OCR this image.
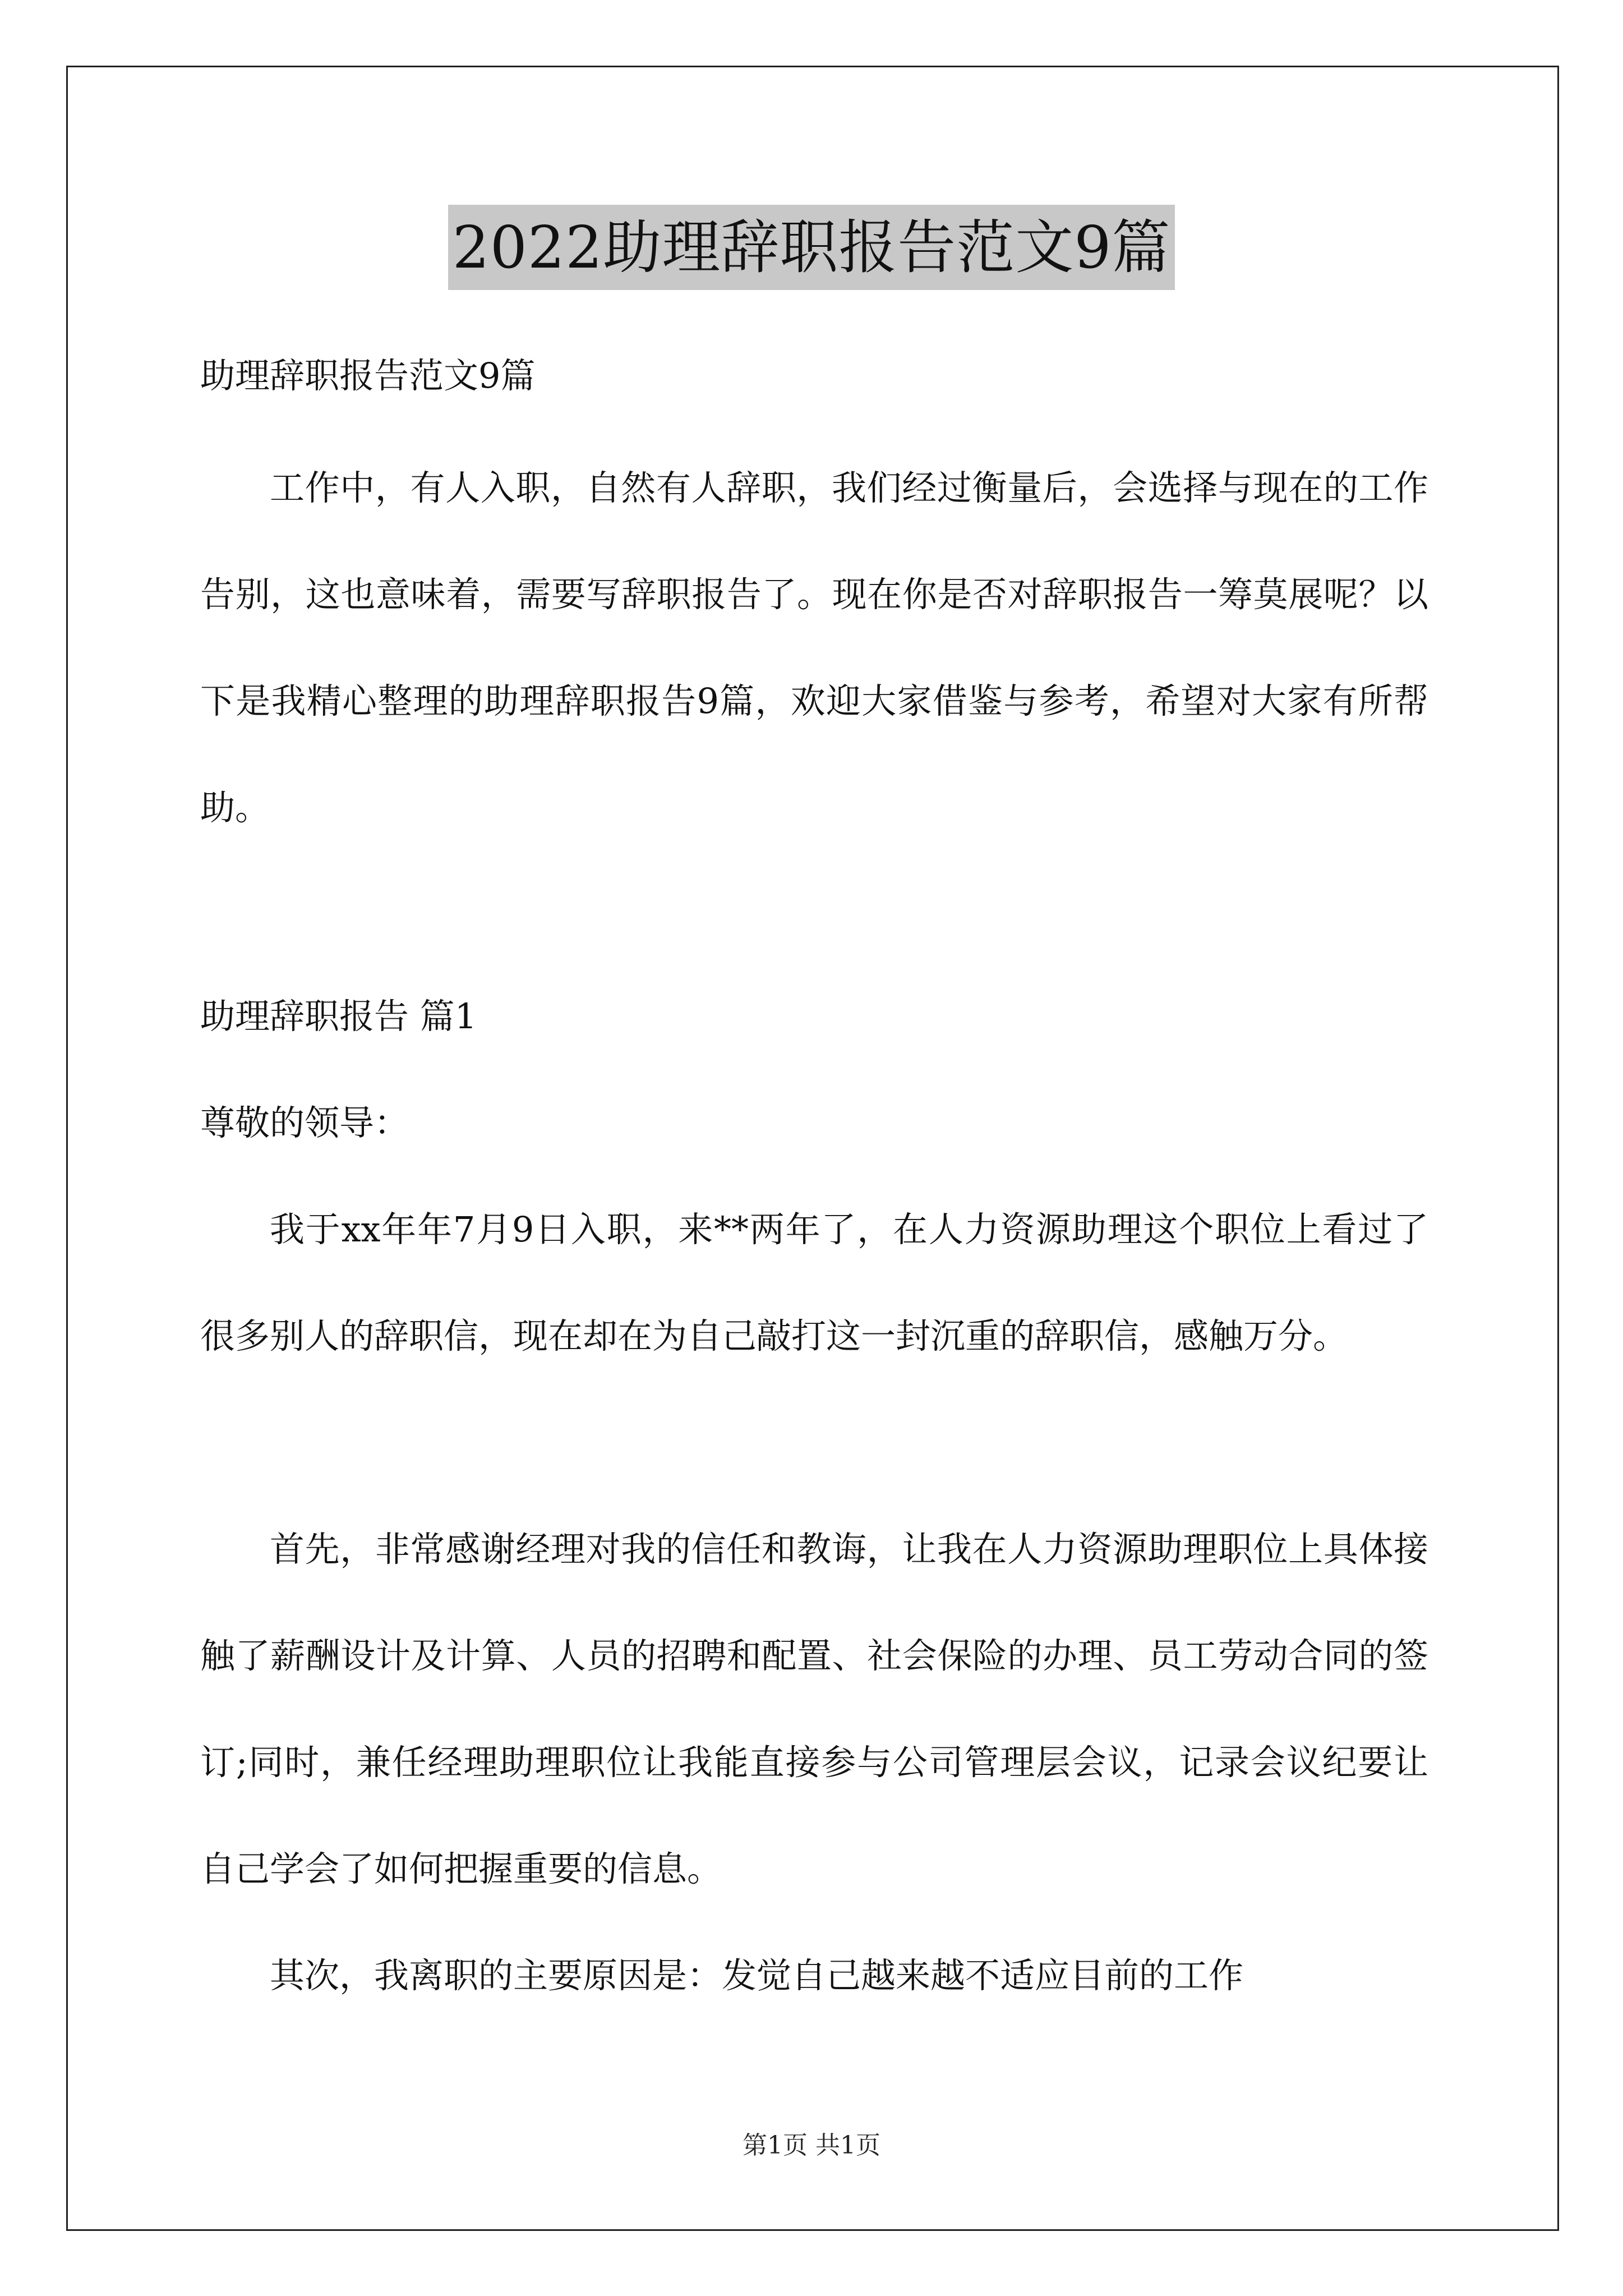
2022助理辞职报告范文9篇
助理辞职报告范文9篇
工作中，有人入职，自然有人辞职，我们经过衡量后，会选择与现在的工作告别，这也意味着，需要写辞职报告了。现在你是否对辞职报告一筹莫展呢？以下是我精心整理的助理辞职报告9篇，欢迎大家借鉴与参考，希望对大家有所帮助。
助理辞职报告 篇1
尊敬的领导：
我于xx年年7月9日入职，来**两年了，在人力资源助理这个职位上看过了很多别人的辞职信，现在却在为自己敲打这一封沉重的辞职信，感触万分。
首先，非常感谢经理对我的信任和教诲，让我在人力资源助理职位上具体接触了薪酬设计及计算、人员的招聘和配置、社会保险的办理、员工劳动合同的签订;同时，兼任经理助理职位让我能直接参与公司管理层会议，记录会议纪要让自己学会了如何把握重要的信息。
其次，我离职的主要原因是：发觉自己越来越不适应目前的工作
第1页 共1页
